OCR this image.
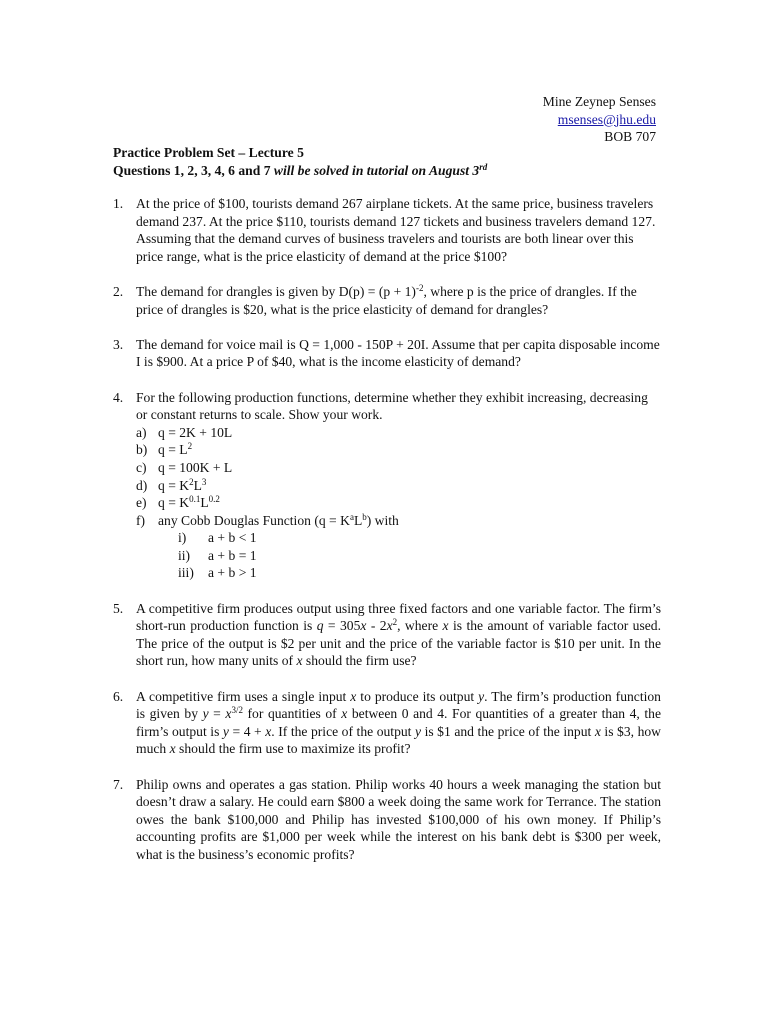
Mine Zeynep Senses
msenses@jhu.edu
BOB 707
Practice Problem Set – Lecture 5
Questions 1, 2, 3, 4, 6 and 7 will be solved in tutorial on August 3rd
1. At the price of $100, tourists demand 267 airplane tickets. At the same price, business travelers demand 237. At the price $110, tourists demand 127 tickets and business travelers demand 127. Assuming that the demand curves of business travelers and tourists are both linear over this price range, what is the price elasticity of demand at the price $100?
2. The demand for drangles is given by $D(p) = (p + 1)^{-2}$, where p is the price of drangles. If the price of drangles is $20, what is the price elasticity of demand for drangles?
3. The demand for voice mail is Q = 1,000 - 150P + 20I. Assume that per capita disposable income I is $900. At a price P of $40, what is the income elasticity of demand?
4. For the following production functions, determine whether they exhibit increasing, decreasing or constant returns to scale. Show your work.
a) q = 2K + 10L
b) $q = L^2$
c) q = 100K + L
d) $q = K^2L^3$
e) $q = K^{0.1}L^{0.2}$
f) any Cobb Douglas Function $(q = K^aL^b)$ with
i) a + b < 1
ii) a + b = 1
iii) a + b > 1
5. A competitive firm produces output using three fixed factors and one variable factor. The firm’s short-run production function is $q = 305x - 2x^2$, where x is the amount of variable factor used. The price of the output is $2 per unit and the price of the variable factor is $10 per unit. In the short run, how many units of x should the firm use?
6. A competitive firm uses a single input x to produce its output y. The firm’s production function is given by $y = x^{3/2}$ for quantities of x between 0 and 4. For quantities of a greater than 4, the firm’s output is y = 4 + x. If the price of the output y is $1 and the price of the input x is $3, how much x should the firm use to maximize its profit?
7. Philip owns and operates a gas station. Philip works 40 hours a week managing the station but doesn’t draw a salary. He could earn $800 a week doing the same work for Terrance. The station owes the bank $100,000 and Philip has invested $100,000 of his own money. If Philip’s accounting profits are $1,000 per week while the interest on his bank debt is $300 per week, what is the business’s economic profits?
